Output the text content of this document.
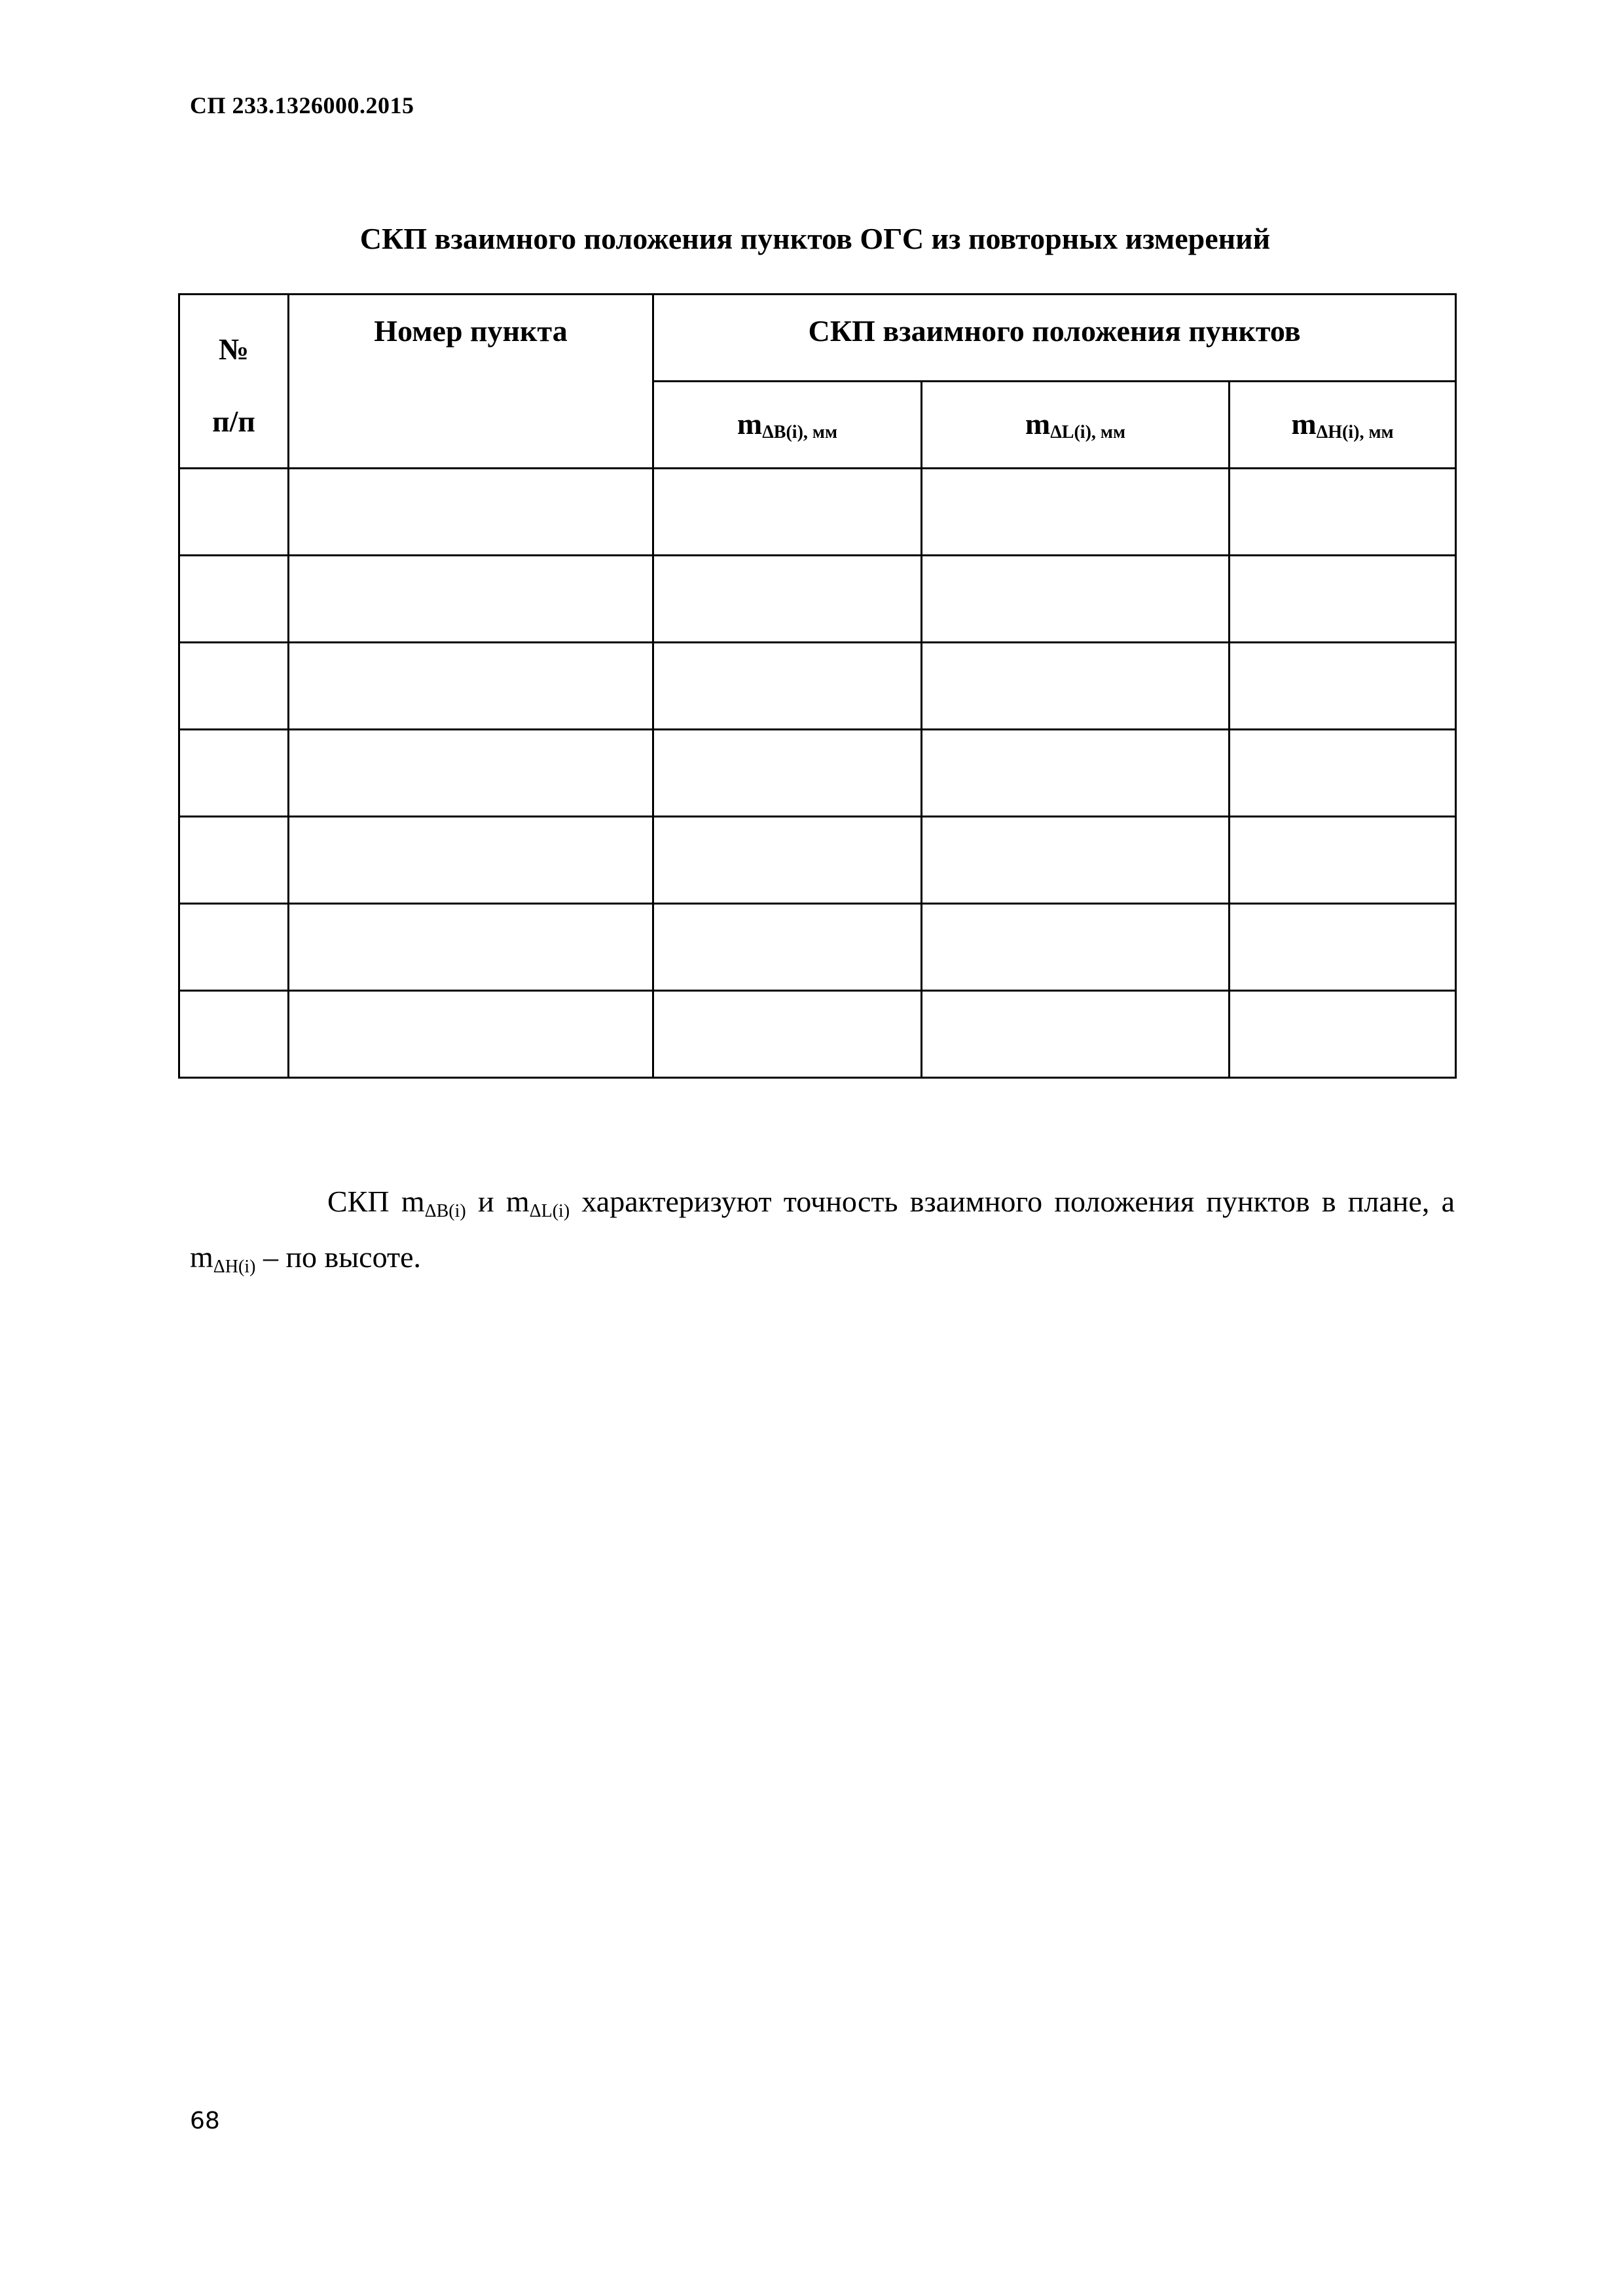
СП 233.1326000.2015
СКП взаимного положения пунктов ОГС из повторных измерений
№
п/п	Номер пункта	СКП взаимного положения пунктов		
		$m_{\Delta B(i), мм}$	$m_{\Delta L(i), мм}$	$m_{\Delta H(i), мм}$

СКП $m_{\Delta B(i)}$ и $m_{\Delta L(i)}$ характеризуют точность взаимного положения пунктов в плане, а $m_{\Delta H(i)}$ – по высоте.

68
